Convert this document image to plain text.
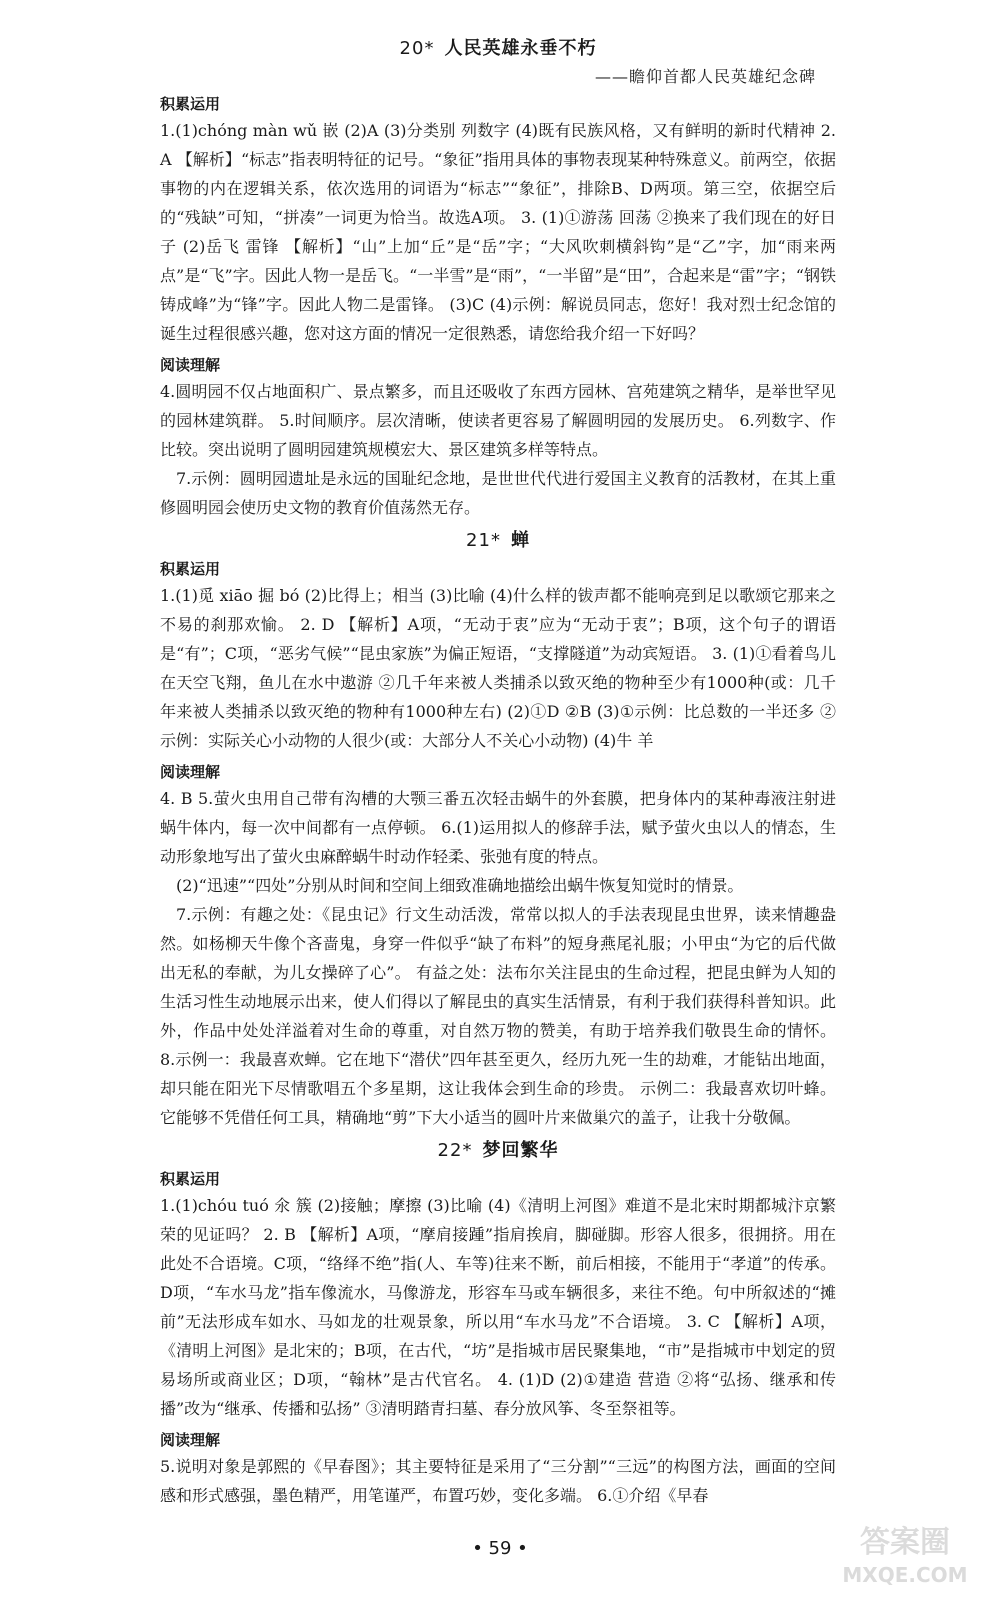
20* 人民英雄永垂不朽
——瞻仰首都人民英雄纪念碑
积累运用

1.(1)chóng màn wǔ 嵌 (2)A (3)分类别 列数字 (4)既有民族风格，又有鲜明的新时代精神 2. A 【解析】“标志”指表明特征的记号。“象征”指用具体的事物表现某种特殊意义。前两空，依据事物的内在逻辑关系，依次选用的词语为“标志”“象征”，排除B、D两项。第三空，依据空后的“残缺”可知，“拼凑”一词更为恰当。故选A项。 3. (1)①游荡 回荡 ②换来了我们现在的好日子 (2)岳飞 雷锋 【解析】“山”上加“丘”是“岳”字；“大风吹刺横斜钩”是“乙”字，加“雨来两点”是“飞”字。因此人物一是岳飞。“一半雪”是“雨”，“一半留”是“田”，合起来是“雷”字；“钢铁铸成峰”为“锋”字。因此人物二是雷锋。 (3)C (4)示例：解说员同志，您好！我对烈士纪念馆的诞生过程很感兴趣，您对这方面的情况一定很熟悉，请您给我介绍一下好吗？

阅读理解

4.圆明园不仅占地面积广、景点繁多，而且还吸收了东西方园林、宫苑建筑之精华，是举世罕见的园林建筑群。 5.时间顺序。层次清晰，使读者更容易了解圆明园的发展历史。 6.列数字、作比较。突出说明了圆明园建筑规模宏大、景区建筑多样等特点。

7.示例：圆明园遗址是永远的国耻纪念地，是世世代代进行爱国主义教育的活教材，在其上重修圆明园会使历史文物的教育价值荡然无存。

21* 蝉
积累运用

1.(1)觅 xiāo 掘 bó (2)比得上；相当 (3)比喻 (4)什么样的钹声都不能响亮到足以歌颂它那来之不易的刹那欢愉。 2. D 【解析】A项，“无动于衷”应为“无动于衷”；B项，这个句子的谓语是“有”；C项，“恶劣气候”“昆虫家族”为偏正短语，“支撑隧道”为动宾短语。 3. (1)①看着鸟儿在天空飞翔，鱼儿在水中遨游 ②几千年来被人类捕杀以致灭绝的物种至少有1000种(或：几千年来被人类捕杀以致灭绝的物种有1000种左右) (2)①D ②B (3)①示例：比总数的一半还多 ②示例：实际关心小动物的人很少(或：大部分人不关心小动物) (4)牛 羊

阅读理解

4. B 5.萤火虫用自己带有沟槽的大颚三番五次轻击蜗牛的外套膜，把身体内的某种毒液注射进蜗牛体内，每一次中间都有一点停顿。 6.(1)运用拟人的修辞手法，赋予萤火虫以人的情态，生动形象地写出了萤火虫麻醉蜗牛时动作轻柔、张弛有度的特点。

(2)“迅速”“四处”分别从时间和空间上细致准确地描绘出蜗牛恢复知觉时的情景。

7.示例：有趣之处：《昆虫记》行文生动活泼，常常以拟人的手法表现昆虫世界，读来情趣盎然。如杨柳天牛像个吝啬鬼，身穿一件似乎“缺了布料”的短身燕尾礼服；小甲虫“为它的后代做出无私的奉献，为儿女操碎了心”。 有益之处：法布尔关注昆虫的生命过程，把昆虫鲜为人知的生活习性生动地展示出来，使人们得以了解昆虫的真实生活情景，有利于我们获得科普知识。此外，作品中处处洋溢着对生命的尊重，对自然万物的赞美，有助于培养我们敬畏生命的情怀。 8.示例一：我最喜欢蝉。它在地下“潜伏”四年甚至更久，经历九死一生的劫难，才能钻出地面，却只能在阳光下尽情歌唱五个多星期，这让我体会到生命的珍贵。 示例二：我最喜欢切叶蜂。它能够不凭借任何工具，精确地“剪”下大小适当的圆叶片来做巢穴的盖子，让我十分敬佩。

22* 梦回繁华
积累运用

1.(1)chóu tuó 氽 簇 (2)接触；摩擦 (3)比喻 (4)《清明上河图》难道不是北宋时期都城汴京繁荣的见证吗？ 2. B 【解析】A项，“摩肩接踵”指肩挨肩，脚碰脚。形容人很多，很拥挤。用在此处不合语境。C项，“络绎不绝”指(人、车等)往来不断，前后相接，不能用于“孝道”的传承。D项，“车水马龙”指车像流水，马像游龙，形容车马或车辆很多，来往不绝。句中所叙述的“摊前”无法形成车如水、马如龙的壮观景象，所以用“车水马龙”不合语境。 3. C 【解析】A项，《清明上河图》是北宋的；B项，在古代，“坊”是指城市居民聚集地，“市”是指城市中划定的贸易场所或商业区；D项，“翰林”是古代官名。 4. (1)D (2)①建造 营造 ②将“弘扬、继承和传播”改为“继承、传播和弘扬” ③清明踏青扫墓、春分放风筝、冬至祭祖等。

阅读理解

5.说明对象是郭熙的《早春图》；其主要特征是采用了“三分割”“三远”的构图方法，画面的空间感和形式感强，墨色精严，用笔谨严，布置巧妙，变化多端。 6.①介绍《早春

• 59 •	答案圈
MXQE.COM
